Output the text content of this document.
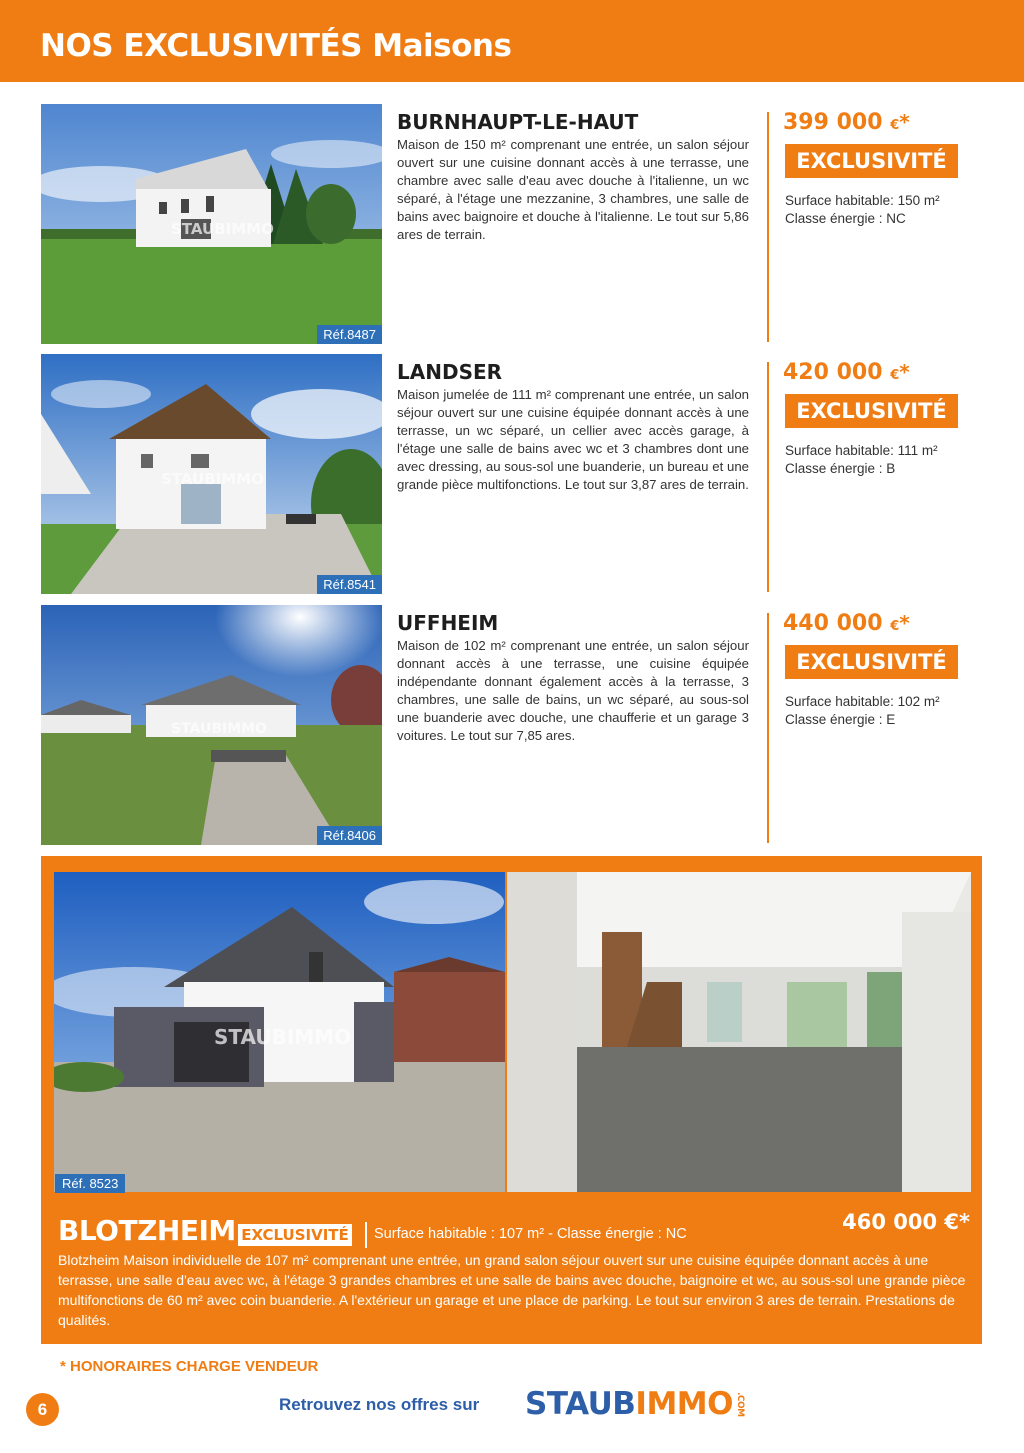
NOS EXCLUSIVITÉS Maisons
STAUBIMMO
Réf.8487
BURNHAUPT-LE-HAUT

Maison de 150 m² comprenant une entrée, un salon séjour ouvert sur une cuisine donnant accès à une terrasse, une chambre avec salle d'eau avec douche à l'italienne, un wc séparé, à l'étage une mezzanine, 3 chambres, une salle de bains avec baignoire et douche à l'italienne. Le tout sur 5,86 ares de terrain.

399 000 €*
EXCLUSIVITÉ
Surface habitable: 150 m²
Classe énergie : NC
STAUBIMMO
Réf.8541
LANDSER

Maison jumelée de 111 m² comprenant une entrée, un salon séjour ouvert sur une cuisine équipée donnant accès à une terrasse, un wc séparé, un cellier avec accès garage, à l'étage une salle de bains avec wc et 3 chambres dont une avec dressing, au sous-sol une buanderie, un bureau et une grande pièce multifonctions. Le tout sur 3,87 ares de terrain.

420 000 €*
EXCLUSIVITÉ
Surface habitable: 111 m²
Classe énergie : B
STAUBIMMO
Réf.8406
UFFHEIM

Maison de 102 m² comprenant une entrée, un salon séjour donnant accès à une terrasse, une cuisine équipée indépendante donnant également accès à la terrasse, 3 chambres, une salle de bains, un wc séparé, au sous-sol une buanderie avec douche, une chaufferie et un garage 3 voitures. Le tout sur 7,85 ares.

440 000 €*
EXCLUSIVITÉ
Surface habitable: 102 m²
Classe énergie : E
STAUBIMMO
Réf. 8523
BLOTZHEIM EXCLUSIVITÉ Surface habitable : 107 m² - Classe énergie : NC	460 000 €*
Blotzheim Maison individuelle de 107 m² comprenant une entrée, un grand salon séjour ouvert sur une cuisine équipée donnant accès à une terrasse, une salle d'eau avec wc, à l'étage 3 grandes chambres et une salle de bains avec douche, baignoire et wc, au sous-sol une grande pièce multifonctions de 60 m² avec coin buanderie. A l'extérieur un garage et une place de parking. Le tout sur environ 3 ares de terrain. Prestations de qualités.
* HONORAIRES CHARGE VENDEUR
6	Retrouvez nos offres sur STAUBIMMO .COM
